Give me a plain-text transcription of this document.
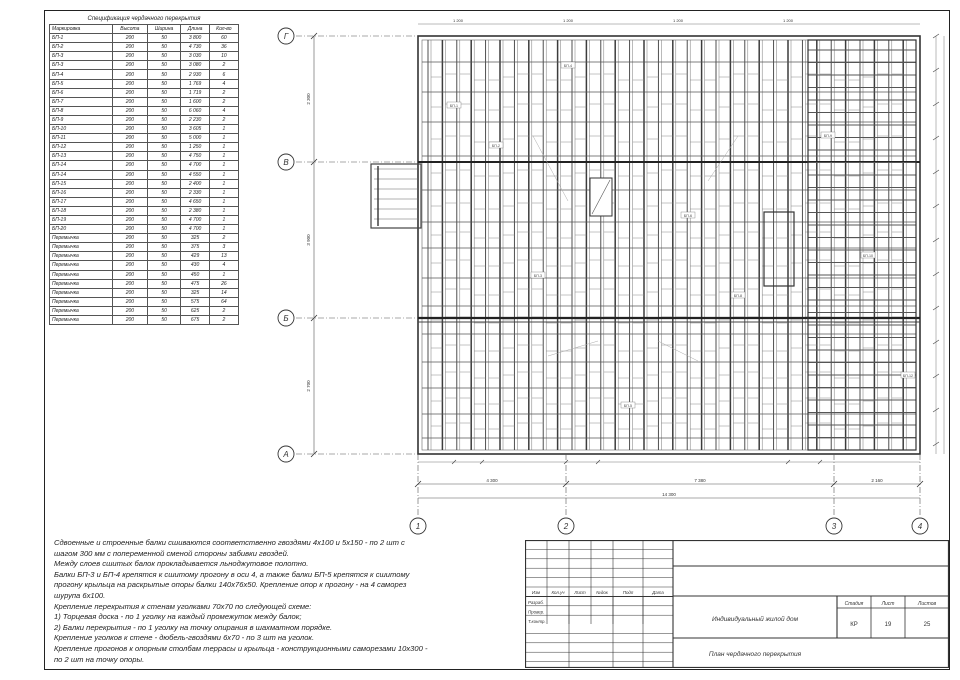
Спецификация чердачного перекрытия				
Маркировка	Высота	Ширина	Длина	Кол-во
БП-1	200	50	3 800	60
БП-2	200	50	4 730	36
БП-3	200	50	3 030	10
БП-3	200	50	3 080	2
БП-4	200	50	2 930	6
БП-5	200	50	1 769	4
БП-6	200	50	1 719	2
БП-7	200	50	1 600	2
БП-8	200	50	6 060	4
БП-9	200	50	2 230	2
БП-10	200	50	3 605	1
БП-11	200	50	5 000	1
БП-12	200	50	1 250	1
БП-13	200	50	4 750	1
БП-14	200	50	4 700	1
БП-14	200	50	4 550	1
БП-15	200	50	2 400	1
БП-16	200	50	2 330	1
БП-17	200	50	4 650	1
БП-18	200	50	2 380	1
БП-19	200	50	4 700	1
БП-20	200	50	4 700	1
Перемычка	200	50	325	2
Перемычка	200	50	375	3
Перемычка	200	50	429	13
Перемычка	200	50	430	4
Перемычка	200	50	450	1
Перемычка	200	50	475	26
Перемычка	200	50	325	14
Перемычка	200	50	575	64
Перемычка	200	50	625	2
Перемычка	200	50	675	2
БП-1
БП-2
БП-3
БП-4
БП-5
БП-6
БП-8
БП-9
БП-10
БП-12
Г
В
Б
А
2 300
3 900
2 700
1	2	3	4
4 300	7 380	2 160
14 300
1 200	1 200	1 200	1 200
Сдвоенные и строенные балки сшиваются соответственно гвоздями 4х100 и 5х150 - по 2 шт с
шагом 300 мм с попеременной сменой стороны забивки гвоздей.
Между слоев сшитых балок прокладывается льноджутовое полотно.
Балки БП-3 и БП-4 крепятся к сшитому прогону в оси 4, а также балки БП-5 крепятся к сшитому
прогону крыльца на раскрытые опоры балки 140х76х50. Крепление опор к прогону - на 4 саморез
шурупа 6х100.
Крепление перекрытия к стенам уголками 70х70 по следующей схеме:
1) Торцевая доска - по 1 уголку на каждый промежуток между балок;
2) Балки перекрытия - по 1 уголку на точку опирания в шахматном порядке.
Крепление уголков к стене - дюбель-гвоздями 6х70 - по 3 шт на уголок.
Крепление прогонов к опорным столбам террасы и крыльца - конструкционными саморезами 10х300 -
по 2 шт на точку опоры.
Изм	Кол.уч Лист №док	Подп	Дата
Разраб.
Провер.
Т.контр.	Индивидуальный жилой дом
План чердачного перекрытия
Стадия	Лист	Листов
КР	19	25
